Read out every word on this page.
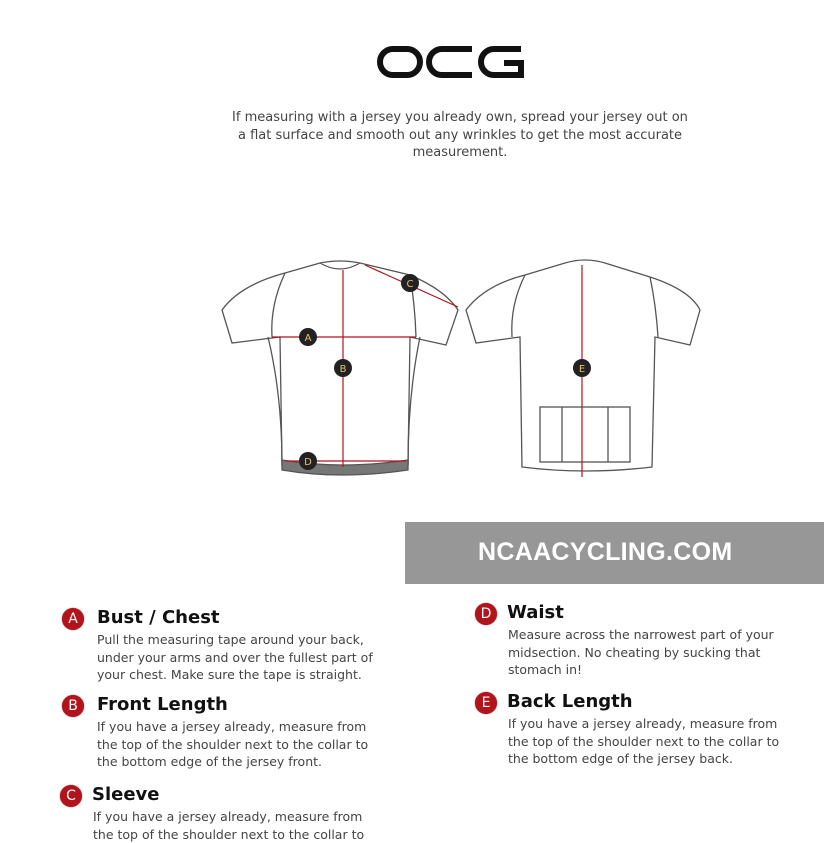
If measuring with a jersey you already own, spread your jersey out on a flat surface and smooth out any wrinkles to get the most accurate measurement.
A
B
C
D
E
A	Bust / Chest

Pull the measuring tape around your back,
under your arms and over the fullest part of
your chest. Make sure the tape is straight.

B	Front Length

If you have a jersey already, measure from
the top of the shoulder next to the collar to
the bottom edge of the jersey front.

C Sleeve

If you have a jersey already, measure from
the top of the shoulder next to the collar to

D Waist

Measure across the narrowest part of your
midsection. No cheating by sucking that
stomach in!

E Back Length

If you have a jersey already, measure from
the top of the shoulder next to the collar to
the bottom edge of the jersey back.

NCAACYCLING.COM
